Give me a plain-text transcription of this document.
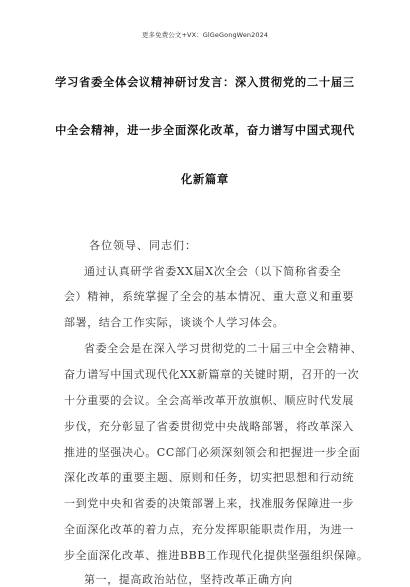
更多免费公文+VX：GlGeGongWen2024
学习省委全体会议精神研讨发言：深入贯彻党的二十届三
中全会精神，进一步全面深化改革，奋力谱写中国式现代
化新篇章
各位领导、同志们：
通过认真研学省委XX届X次全会（以下简称省委全
会）精神，系统掌握了全会的基本情况、重大意义和重要
部署，结合工作实际，谈谈个人学习体会。
省委全会是在深入学习贯彻党的二十届三中全会精神、
奋力谱写中国式现代化XX新篇章的关键时期，召开的一次
十分重要的会议。全会高举改革开放旗帜、顺应时代发展
步伐，充分彰显了省委贯彻党中央战略部署，将改革深入
推进的坚强决心。CC部门必须深刻领会和把握进一步全面
深化改革的重要主题、原则和任务，切实把思想和行动统
一到党中央和省委的决策部署上来，找准服务保障进一步
全面深化改革的着力点，充分发挥职能职责作用，为进一
步全面深化改革、推进BBB工作现代化提供坚强组织保障。
第一，提高政治站位，坚持改革正确方向
